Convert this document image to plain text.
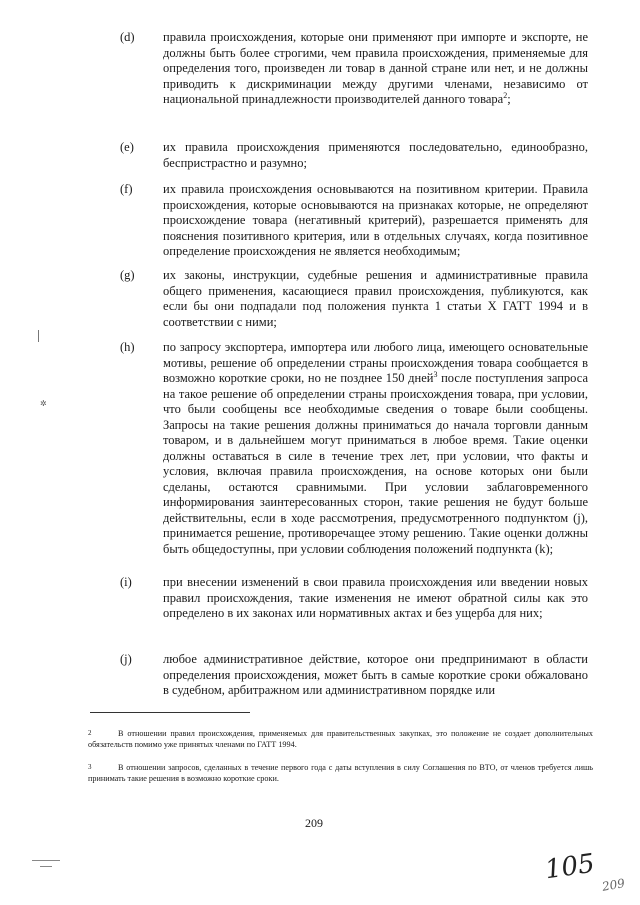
(d) правила происхождения, которые они применяют при импорте и экспорте, не должны быть более строгими, чем правила происхождения, применяемые для определения того, произведен ли товар в данной стране или нет, и не должны приводить к дискриминации между другими членами, независимо от национальной принадлежности производителей данного товара$^2$;
(e) их правила происхождения применяются последовательно, единообразно, беспристрастно и разумно;
(f) их правила происхождения основываются на позитивном критерии. Правила происхождения, которые основываются на признаках которые, не определяют происхождение товара (негативный критерий), разрешается применять для пояснения позитивного критерия, или в отдельных случаях, когда позитивное определение происхождения не является необходимым;
(g) их законы, инструкции, судебные решения и административные правила общего применения, касающиеся правил происхождения, публикуются, как если бы они подпадали под положения пункта 1 статьи X ГАТТ 1994 и в соответствии с ними;
(h) по запросу экспортера, импортера или любого лица, имеющего основательные мотивы, решение об определении страны происхождения товара сообщается в возможно короткие сроки, но не позднее 150 дней$^3$ после поступления запроса на такое решение об определении страны происхождения товара, при условии, что были сообщены все необходимые сведения о товаре были сообщены. Запросы на такие решения должны приниматься до начала торговли данным товаром, и в дальнейшем могут приниматься в любое время. Такие оценки должны оставаться в силе в течение трех лет, при условии, что факты и условия, включая правила происхождения, на основе которых они были сделаны, остаются сравнимыми. При условии заблаговременного информирования заинтересованных сторон, такие решения не будут больше действительны, если в ходе рассмотрения, предусмотренного подпунктом (j), принимается решение, противоречащее этому решению. Такие оценки должны быть общедоступны, при условии соблюдения положений подпункта (k);
(i) при внесении изменений в свои правила происхождения или введении новых правил происхождения, такие изменения не имеют обратной силы как это определено в их законах или нормативных актах и без ущерба для них;
(j) любое административное действие, которое они предпринимают в области определения происхождения, может быть в самые короткие сроки обжаловано в судебном, арбитражном или административном порядке или
2	В отношении правил происхождения, применяемых для правительственных закупках, это положение не создает дополнительных обязательств помимо уже принятых членами по ГАТТ 1994.
3	В отношении запросов, сделанных в течение первого года с даты вступления в силу Соглашения по ВТО, от членов требуется лишь принимать такие решения в возможно короткие сроки.
209
✲
105 209
